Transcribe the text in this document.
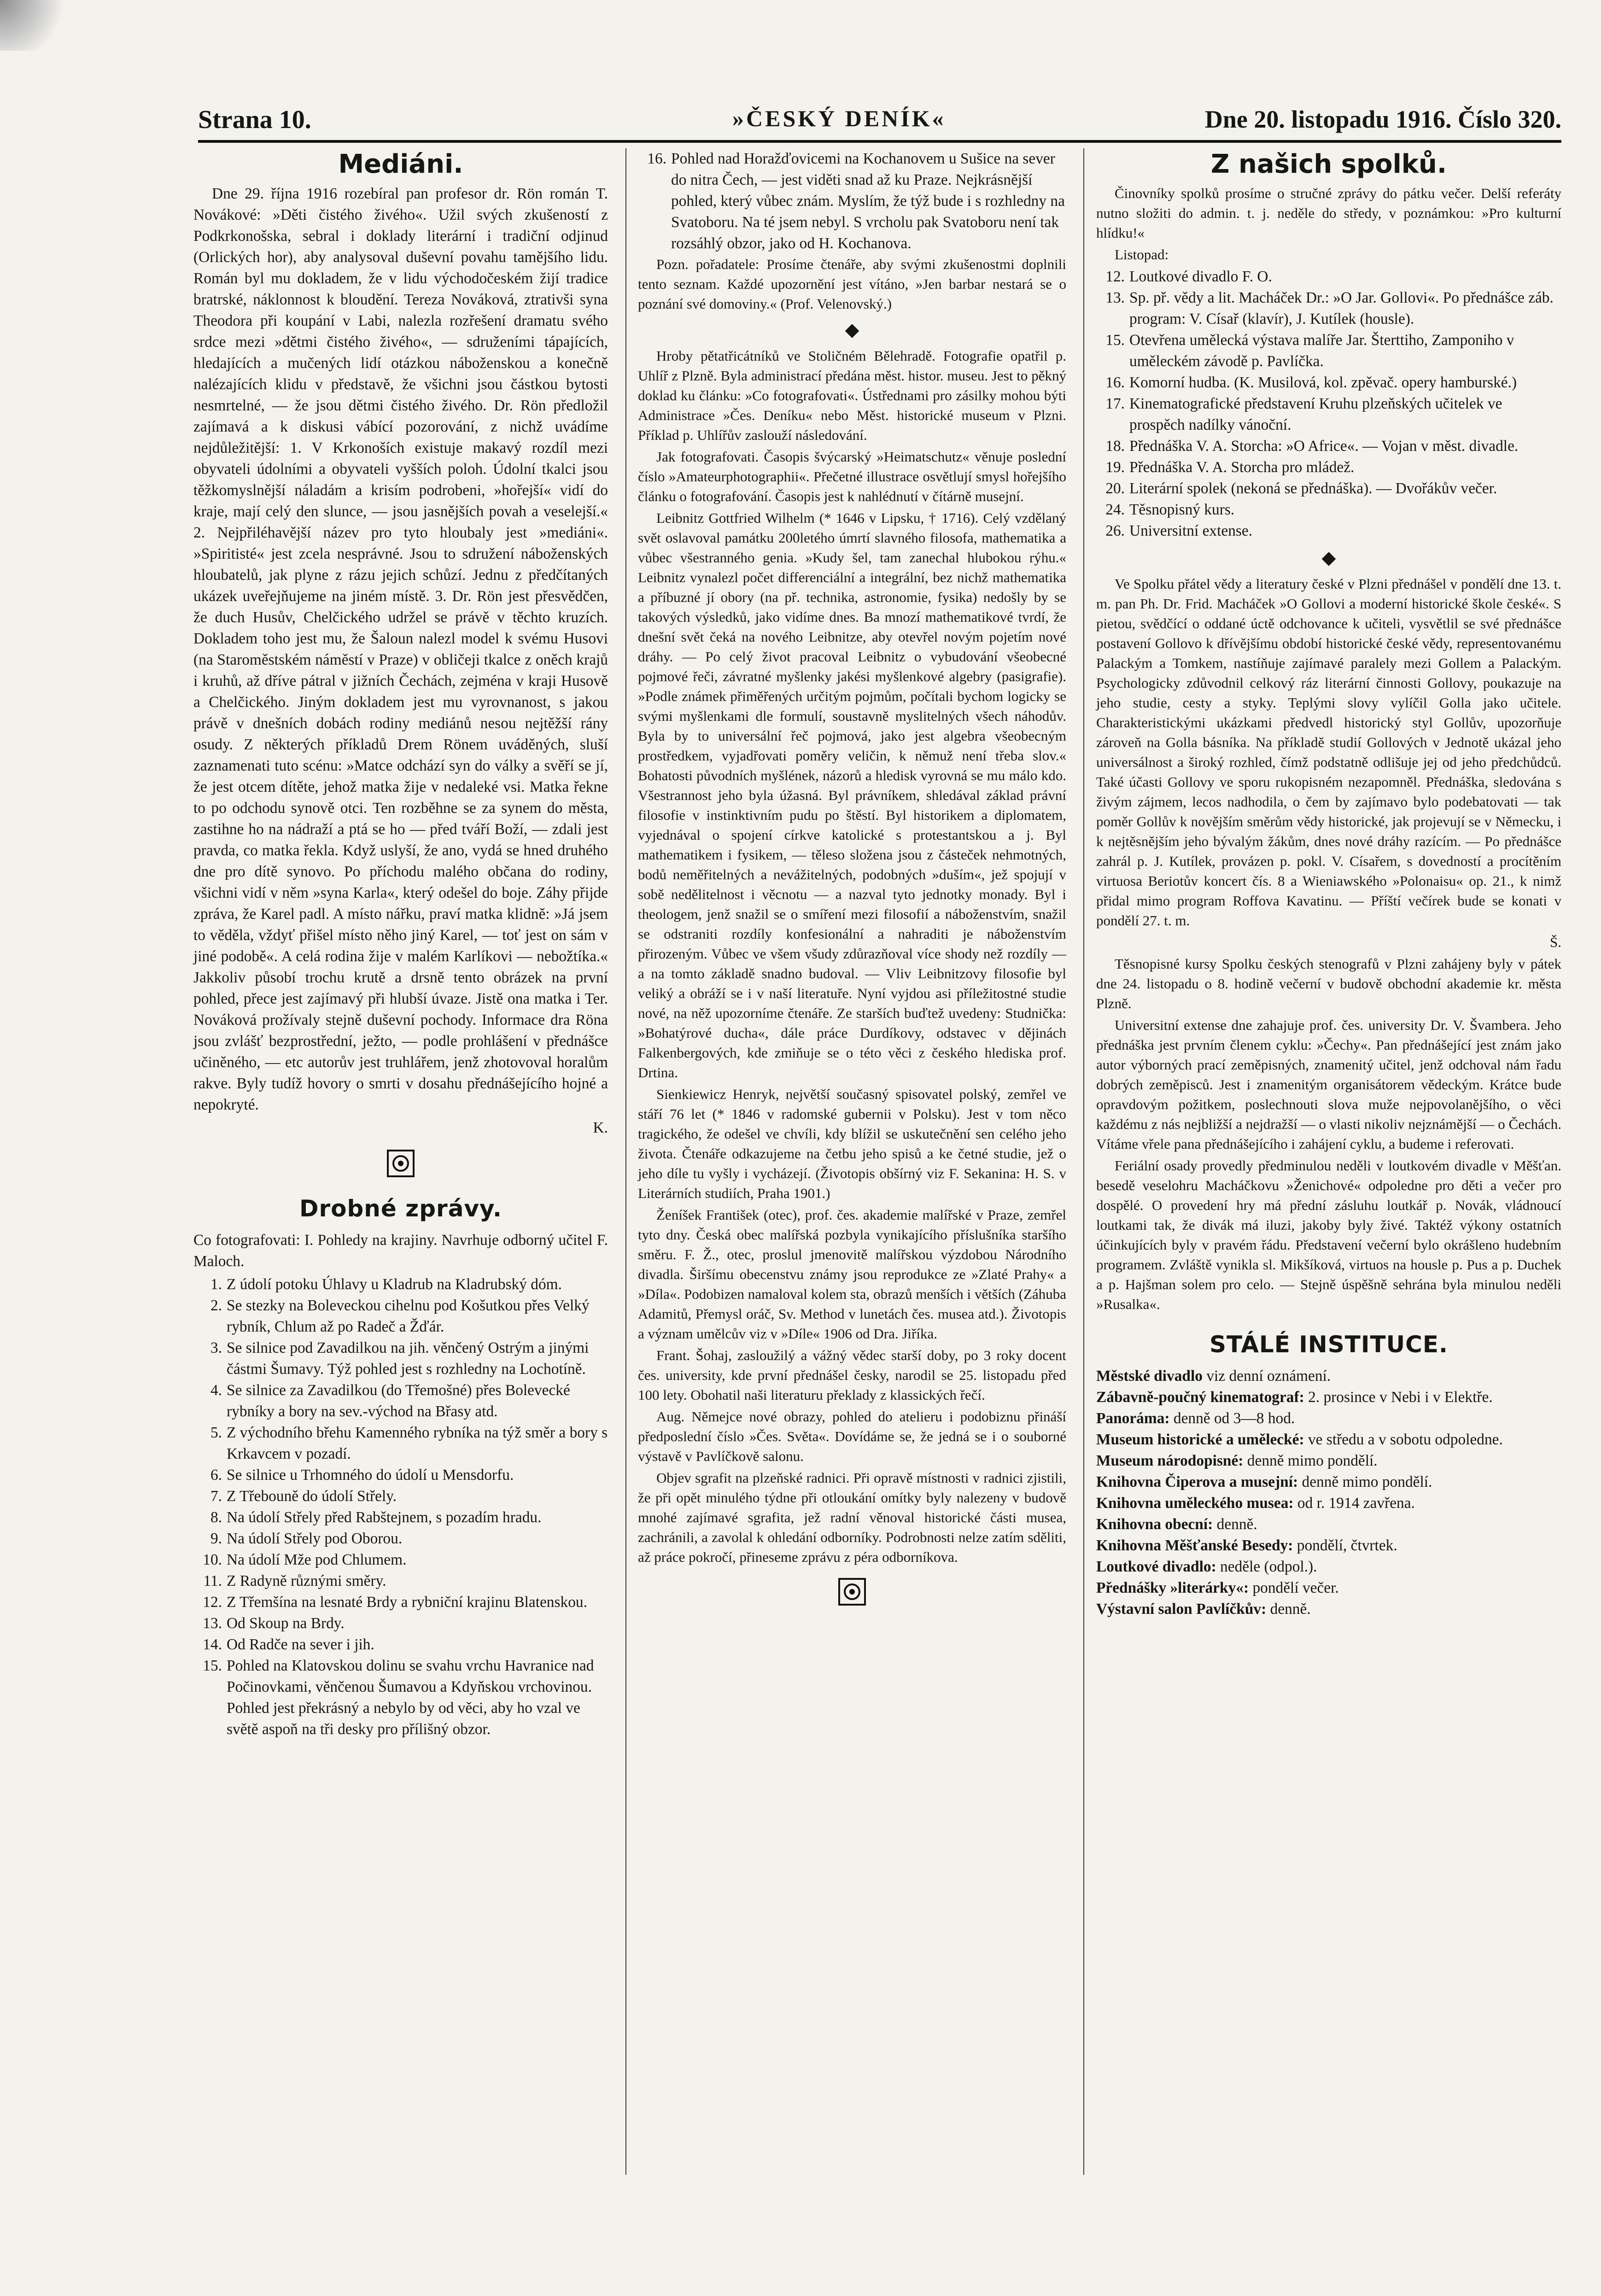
Strana 10.	»ČESKÝ DENÍK«	Dne 20. listopadu 1916. Číslo 320.
Mediáni.

Dne 29. října 1916 rozebíral pan profesor dr. Rön román T. Novákové: »Děti čistého živého«. Užil svých zkušeností z Podkrkonošska, sebral i doklady literární i tradiční odjinud (Orlických hor), aby analysoval duševní povahu tamějšího lidu. Román byl mu dokladem, že v lidu východočeském žijí tradice bratrské, náklonnost k bloudění. Tereza Nováková, ztrativši syna Theodora při koupání v Labi, nalezla rozřešení dramatu svého srdce mezi »dětmi čistého živého«, — sdruženími tápajících, hledajících a mučených lidí otázkou náboženskou a konečně nalézajících klidu v představě, že všichni jsou částkou bytosti nesmrtelné, — že jsou dětmi čistého živého. Dr. Rön předložil zajímavá a k diskusi vábící pozorování, z nichž uvádíme nejdůležitější: 1. V Krkonoších existuje makavý rozdíl mezi obyvateli údolními a obyvateli vyšších poloh. Údolní tkalci jsou těžkomyslnější náladám a krisím podrobeni, »hořejší« vidí do kraje, mají celý den slunce, — jsou jasnějších povah a veselejší.« 2. Nejpřiléhavější název pro tyto hloubaly jest »mediáni«. »Spiritisté« jest zcela nesprávné. Jsou to sdružení náboženských hloubatelů, jak plyne z rázu jejich schůzí. Jednu z předčítaných ukázek uveřejňujeme na jiném místě. 3. Dr. Rön jest přesvědčen, že duch Husův, Chelčického udržel se právě v těchto kruzích. Dokladem toho jest mu, že Šaloun nalezl model k svému Husovi (na Staroměstském náměstí v Praze) v obličeji tkalce z oněch krajů i kruhů, až dříve pátral v jižních Čechách, zejména v kraji Husově a Chelčického. Jiným dokladem jest mu vyrovnanost, s jakou právě v dnešních dobách rodiny mediánů nesou nejtěžší rány osudy. Z některých příkladů Drem Rönem uváděných, sluší zaznamenati tuto scénu: »Matce odchází syn do války a svěří se jí, že jest otcem dítěte, jehož matka žije v nedaleké vsi. Matka řekne to po odchodu synově otci. Ten rozběhne se za synem do města, zastihne ho na nádraží a ptá se ho — před tváří Boží, — zdali jest pravda, co matka řekla. Když uslyší, že ano, vydá se hned druhého dne pro dítě synovo. Po příchodu malého občana do rodiny, všichni vidí v něm »syna Karla«, který odešel do boje. Záhy přijde zpráva, že Karel padl. A místo nářku, praví matka klidně: »Já jsem to věděla, vždyť přišel místo něho jiný Karel, — toť jest on sám v jiné podobě«. A celá rodina žije v malém Karlíkovi — nebožtíka.« Jakkoliv působí trochu krutě a drsně tento obrázek na první pohled, přece jest zajímavý při hlubší úvaze. Jistě ona matka i Ter. Nováková prožívaly stejně duševní pochody. Informace dra Röna jsou zvlášť bezprostřední, ježto, — podle prohlášení v přednášce učiněného, — etc autorův jest truhlářem, jenž zhotovoval horalům rakve. Byly tudíž hovory o smrti v dosahu přednášejícího hojné a nepokryté.

K.

Drobné zprávy.

Co fotografovati: I. Pohledy na krajiny. Navrhuje odborný učitel F. Maloch.

1. Z údolí potoku Úhlavy u Kladrub na Kladrubský dóm.
2. Se stezky na Boleveckou cihelnu pod Košutkou přes Velký rybník, Chlum až po Radeč a Žďár.
3. Se silnice pod Zavadilkou na jih. věnčený Ostrým a jinými částmi Šumavy. Týž pohled jest s rozhledny na Lochotíně.
4. Se silnice za Zavadilkou (do Třemošné) přes Bolevecké rybníky a bory na sev.-východ na Břasy atd.
5. Z východního břehu Kamenného rybníka na týž směr a bory s Krkavcem v pozadí.
6. Se silnice u Trhomného do údolí u Mensdorfu.
7. Z Třebouně do údolí Střely.
8. Na údolí Střely před Rabštejnem, s pozadím hradu.
9. Na údolí Střely pod Oborou.
10. Na údolí Mže pod Chlumem.
11. Z Radyně různými směry.
12. Z Třemšína na lesnaté Brdy a rybniční krajinu Blatenskou.
13. Od Skoup na Brdy.
14. Od Radče na sever i jih.
15. Pohled na Klatovskou dolinu se svahu vrchu Havranice nad Počinovkami, věnčenou Šumavou a Kdyňskou vrchovinou. Pohled jest překrásný a nebylo by od věci, aby ho vzal ve světě aspoň na tři desky pro přílišný obzor.
16. Pohled nad Horažďovicemi na Kochanovem u Sušice na sever do nitra Čech, — jest viděti snad až ku Praze. Nejkrásnější pohled, který vůbec znám. Myslím, že týž bude i s rozhledny na Svatoboru. Na té jsem nebyl. S vrcholu pak Svatoboru není tak rozsáhlý obzor, jako od H. Kochanova.

Pozn. pořadatele: Prosíme čtenáře, aby svými zkušenostmi doplnili tento seznam. Každé upozornění jest vítáno, »Jen barbar nestará se o poznání své domoviny.« (Prof. Velenovský.)

◆

Hroby pětatřicátníků ve Stoličném Bělehradě. Fotografie opatřil p. Uhlíř z Plzně. Byla administrací předána měst. histor. museu. Jest to pěkný doklad ku článku: »Co fotografovati«. Ústřednami pro zásilky mohou býti Administrace »Čes. Deníku« nebo Měst. historické museum v Plzni. Příklad p. Uhlířův zaslouží následování.

Jak fotografovati. Časopis švýcarský »Heimatschutz« věnuje poslední číslo »Amateurphotographii«. Přečetné illustrace osvětlují smysl hořejšího článku o fotografování. Časopis jest k nahlédnutí v čítárně musejní.

Leibnitz Gottfried Wilhelm (* 1646 v Lipsku, † 1716). Celý vzdělaný svět oslavoval památku 200letého úmrtí slavného filosofa, mathematika a vůbec všestranného genia. »Kudy šel, tam zanechal hlubokou rýhu.« Leibnitz vynalezl počet differenciální a integrální, bez nichž mathematika a příbuzné jí obory (na př. technika, astronomie, fysika) nedošly by se takových výsledků, jako vidíme dnes. Ba mnozí mathematikové tvrdí, že dnešní svět čeká na nového Leibnitze, aby otevřel novým pojetím nové dráhy. — Po celý život pracoval Leibnitz o vybudování všeobecné pojmové řeči, závratné myšlenky jakési myšlenkové algebry (pasigrafie). »Podle známek přiměřených určitým pojmům, počítali bychom logicky se svými myšlenkami dle formulí, soustavně myslitelných všech náhodův. Byla by to universální řeč pojmová, jako jest algebra všeobecným prostředkem, vyjadřovati poměry veličin, k němuž není třeba slov.« Bohatosti původních myšlének, názorů a hledisk vyrovná se mu málo kdo. Všestrannost jeho byla úžasná. Byl právníkem, shledával základ právní filosofie v instinktivním pudu po štěstí. Byl historikem a diplomatem, vyjednával o spojení církve katolické s protestantskou a j. Byl mathematikem i fysikem, — těleso složena jsou z částeček nehmotných, bodů neměřitelných a nevážitelných, podobných »duším«, jež spojují v sobě nedělitelnost i věcnotu — a nazval tyto jednotky monady. Byl i theologem, jenž snažil se o smíření mezi filosofií a náboženstvím, snažil se odstraniti rozdíly konfesionální a nahraditi je náboženstvím přirozeným. Vůbec ve všem všudy zdůrazňoval více shody než rozdíly — a na tomto základě snadno budoval. — Vliv Leibnitzovy filosofie byl veliký a obráží se i v naší literatuře. Nyní vyjdou asi příležitostné studie nové, na něž upozorníme čtenáře. Ze starších buďtež uvedeny: Studnička: »Bohatýrové ducha«, dále práce Durdíkovy, odstavec v dějinách Falkenbergových, kde zmiňuje se o této věci z českého hlediska prof. Drtina.

Sienkiewicz Henryk, největší současný spisovatel polský, zemřel ve stáří 76 let (* 1846 v radomské gubernii v Polsku). Jest v tom něco tragického, že odešel ve chvíli, kdy blížil se uskutečnění sen celého jeho života. Čtenáře odkazujeme na četbu jeho spisů a ke četné studie, jež o jeho díle tu vyšly i vycházejí. (Životopis obšírný viz F. Sekanina: H. S. v Literárních studiích, Praha 1901.)

Ženíšek František (otec), prof. čes. akademie malířské v Praze, zemřel tyto dny. Česká obec malířská pozbyla vynikajícího příslušníka staršího směru. F. Ž., otec, proslul jmenovitě malířskou výzdobou Národního divadla. Širšímu obecenstvu známy jsou reprodukce ze »Zlaté Prahy« a »Díla«. Podobizen namaloval kolem sta, obrazů menších i větších (Záhuba Adamitů, Přemysl oráč, Sv. Method v lunetách čes. musea atd.). Životopis a význam umělcův viz v »Díle« 1906 od Dra. Jiříka.

Frant. Šohaj, zasloužilý a vážný vědec starší doby, po 3 roky docent čes. university, kde první přednášel česky, narodil se 25. listopadu před 100 lety. Obohatil naši literaturu překlady z klassických řečí.

Aug. Němejce nové obrazy, pohled do atelieru i podobiznu přináší předposlední číslo »Čes. Světa«. Dovídáme se, že jedná se i o souborné výstavě v Pavlíčkově salonu.

Objev sgrafit na plzeňské radnici. Při opravě místnosti v radnici zjistili, že při opět minulého týdne při otloukání omítky byly nalezeny v budově mnohé zajímavé sgrafita, jež radní věnoval historické části musea, zachránili, a zavolal k ohledání odborníky. Podrobnosti nelze zatím sděliti, až práce pokročí, přineseme zprávu z péra odborníkova.

Z našich spolků.

Činovníky spolků prosíme o stručné zprávy do pátku večer. Delší referáty nutno složiti do admin. t. j. neděle do středy, v poznámkou: »Pro kulturní hlídku!«

Listopad:

12. Loutkové divadlo F. O.
13. Sp. př. vědy a lit. Macháček Dr.: »O Jar. Gollovi«. Po přednášce záb. program: V. Císař (klavír), J. Kutílek (housle).
15. Otevřena umělecká výstava malíře Jar. Šterttiho, Zamponiho v uměleckém závodě p. Pavlíčka.
16. Komorní hudba. (K. Musilová, kol. zpěvač. opery hamburské.)
17. Kinematografické představení Kruhu plzeňských učitelek ve prospěch nadílky vánoční.
18. Přednáška V. A. Storcha: »O Africe«. — Vojan v měst. divadle.
19. Přednáška V. A. Storcha pro mládež.
20. Literární spolek (nekoná se přednáška). — Dvořákův večer.
24. Těsnopisný kurs.
26. Universitní extense.
◆

Ve Spolku přátel vědy a literatury české v Plzni přednášel v pondělí dne 13. t. m. pan Ph. Dr. Frid. Macháček »O Gollovi a moderní historické škole české«. S pietou, svědčící o oddané úctě odchovance k učiteli, vysvětlil se své přednášce postavení Gollovo k dřívějšímu období historické české vědy, representovanému Palackým a Tomkem, nastíňuje zajímavé paralely mezi Gollem a Palackým. Psychologicky zdůvodnil celkový ráz literární činnosti Gollovy, poukazuje na jeho studie, cesty a styky. Teplými slovy vylíčil Golla jako učitele. Charakteristickými ukázkami předvedl historický styl Gollův, upozorňuje zároveň na Golla básníka. Na příkladě studií Gollových v Jednotě ukázal jeho universálnost a široký rozhled, čímž podstatně odlišuje jej od jeho předchůdců. Také účasti Gollovy ve sporu rukopisném nezapomněl. Přednáška, sledována s živým zájmem, lecos nadhodila, o čem by zajímavo bylo podebatovati — tak poměr Gollův k novějším směrům vědy historické, jak projevují se v Německu, i k nejtěsnějším jeho bývalým žákům, dnes nové dráhy razícím. — Po přednášce zahrál p. J. Kutílek, provázen p. pokl. V. Císařem, s dovedností a procítěním virtuosa Beriotův koncert čís. 8 a Wieniawského »Polonaisu« op. 21., k nimž přidal mimo program Roffova Kavatinu. — Příští večírek bude se konati v pondělí 27. t. m.

Š.

Těsnopisné kursy Spolku českých stenografů v Plzni zahájeny byly v pátek dne 24. listopadu o 8. hodině večerní v budově obchodní akademie kr. města Plzně.

Universitní extense dne zahajuje prof. čes. university Dr. V. Švambera. Jeho přednáška jest prvním členem cyklu: »Čechy«. Pan přednášející jest znám jako autor výborných prací zeměpisných, znamenitý učitel, jenž odchoval nám řadu dobrých zeměpisců. Jest i znamenitým organisátorem vědeckým. Krátce bude opravdovým požitkem, poslechnouti slova muže nejpovolanějšího, o věci každému z nás nejbližší a nejdražší — o vlasti nikoliv nejznámější — o Čechách. Vítáme vřele pana přednášejícího i zahájení cyklu, a budeme i referovati.

Feriální osady provedly předminulou neděli v loutkovém divadle v Měšťan. besedě veselohru Macháčkovu »Ženichové« odpoledne pro děti a večer pro dospělé. O provedení hry má přední zásluhu loutkář p. Novák, vládnoucí loutkami tak, že divák má iluzi, jakoby byly živé. Taktéž výkony ostatních účinkujících byly v pravém řádu. Představení večerní bylo okrášleno hudebním programem. Zvláště vynikla sl. Mikšíková, virtuos na housle p. Pus a p. Duchek a p. Hajšman solem pro celo. — Stejně úspěšně sehrána byla minulou neděli »Rusalka«.

STÁLÉ INSTITUCE.
Městské divadlo viz denní oznámení.
Zábavně-poučný kinematograf: 2. prosince v Nebi i v Elektře.
Panoráma: denně od 3—8 hod.
Museum historické a umělecké: ve středu a v sobotu odpoledne.
Museum národopisné: denně mimo pondělí.
Knihovna Čiperova a musejní: denně mimo pondělí.
Knihovna uměleckého musea: od r. 1914 zavřena.
Knihovna obecní: denně.
Knihovna Měšťanské Besedy: pondělí, čtvrtek.
Loutkové divadlo: neděle (odpol.).
Přednášky »literárky«: pondělí večer.
Výstavní salon Pavlíčkův: denně.
